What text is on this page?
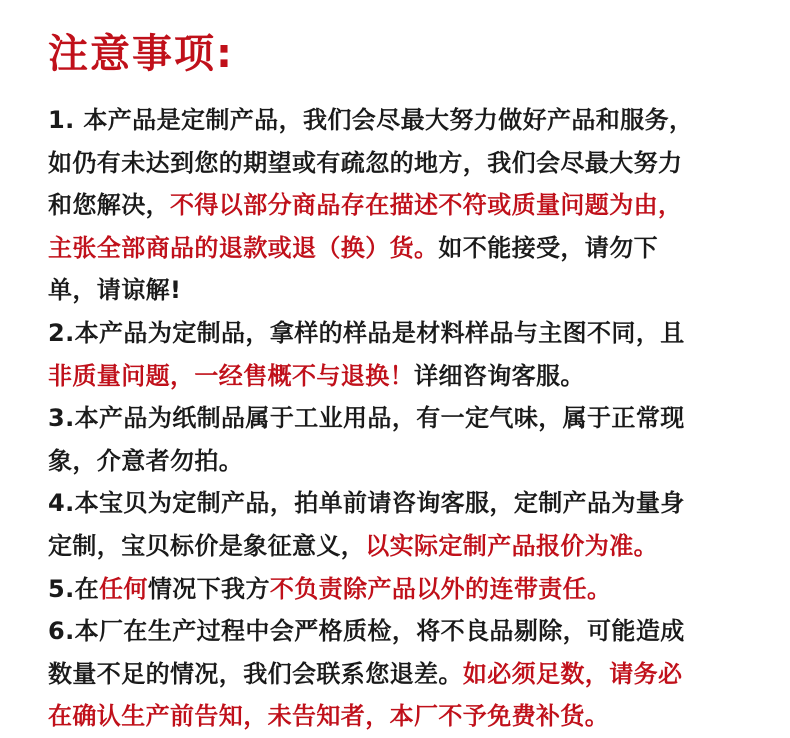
注意事项:
1. 本产品是定制产品，我们会尽最大努力做好产品和服务，
如仍有未达到您的期望或有疏忽的地方，我们会尽最大努力
和您解决，不得以部分商品存在描述不符或质量问题为由，
主张全部商品的退款或退（换）货。如不能接受，请勿下
单，请谅解!
2.本产品为定制品，拿样的样品是材料样品与主图不同，且
非质量问题，一经售概不与退换！详细咨询客服。
3.本产品为纸制品属于工业用品，有一定气味，属于正常现
象，介意者勿拍。
4.本宝贝为定制产品，拍单前请咨询客服，定制产品为量身
定制，宝贝标价是象征意义，以实际定制产品报价为准。
5.在任何情况下我方不负责除产品以外的连带责任。
6.本厂在生产过程中会严格质检，将不良品剔除，可能造成
数量不足的情况，我们会联系您退差。如必须足数，请务必
在确认生产前告知，未告知者，本厂不予免费补货。
